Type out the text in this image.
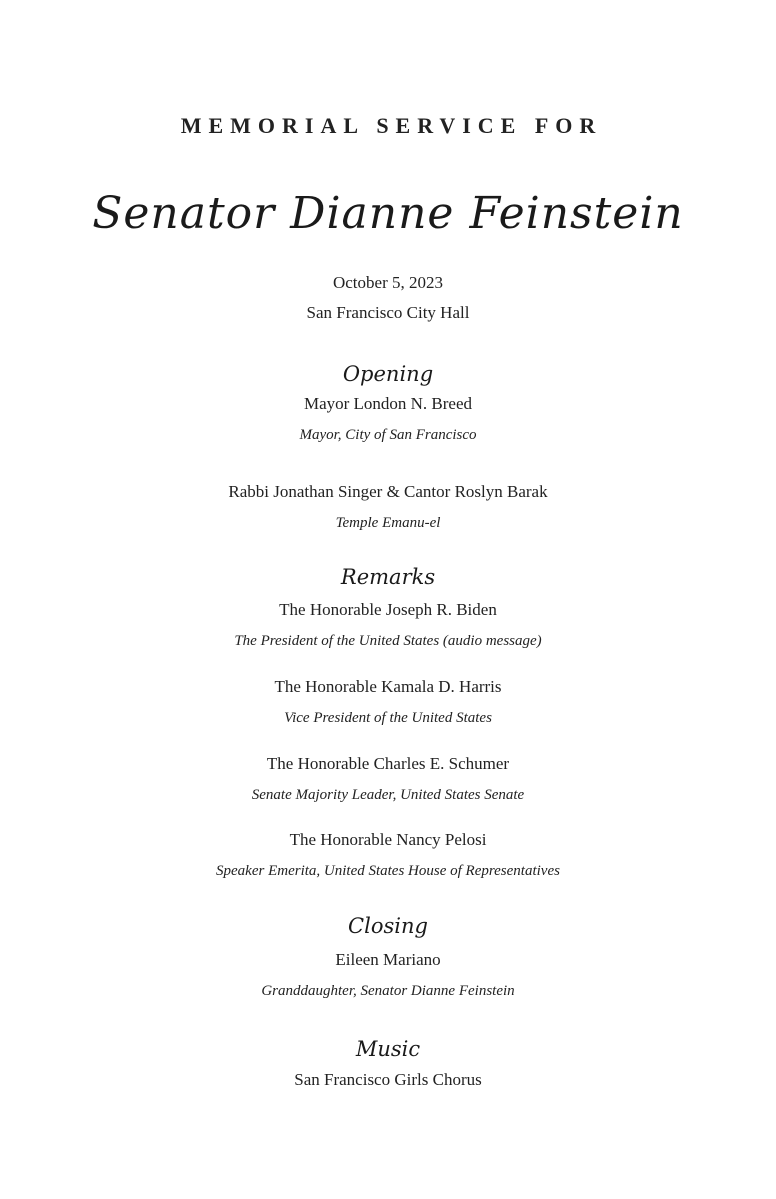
MEMORIAL SERVICE FOR
Senator Dianne Feinstein
October 5, 2023
San Francisco City Hall
Opening
Mayor London N. Breed
Mayor, City of San Francisco
Rabbi Jonathan Singer & Cantor Roslyn Barak
Temple Emanu-el
Remarks
The Honorable Joseph R. Biden
The President of the United States (audio message)
The Honorable Kamala D. Harris
Vice President of the United States
The Honorable Charles E. Schumer
Senate Majority Leader, United States Senate
The Honorable Nancy Pelosi
Speaker Emerita, United States House of Representatives
Closing
Eileen Mariano
Granddaughter, Senator Dianne Feinstein
Music
San Francisco Girls Chorus
